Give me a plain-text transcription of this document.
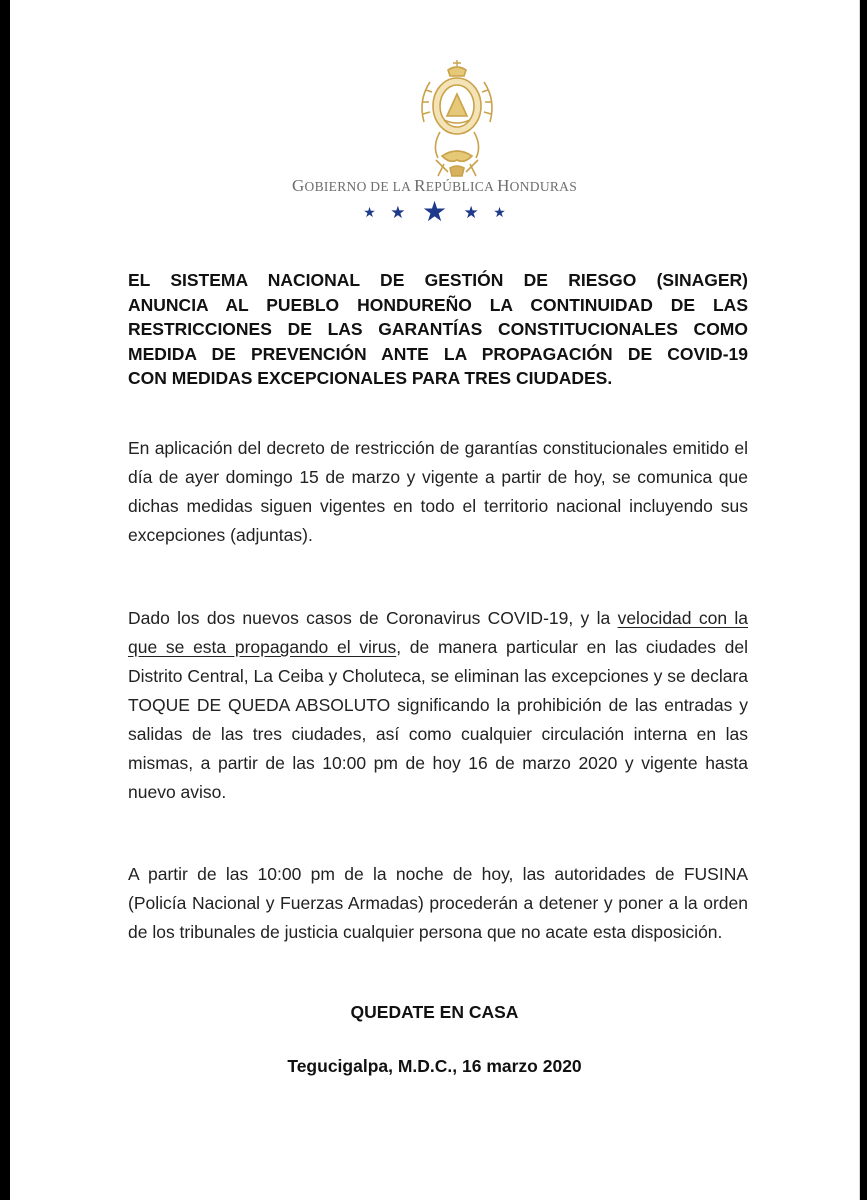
GOBIERNO DE LA REPÚBLICA HONDURAS
★ ★ ★ ★ ★
EL SISTEMA NACIONAL DE GESTIÓN DE RIESGO (SINAGER)
ANUNCIA AL PUEBLO HONDUREÑO LA CONTINUIDAD DE LAS
RESTRICCIONES DE LAS GARANTÍAS CONSTITUCIONALES COMO
MEDIDA DE PREVENCIÓN ANTE LA PROPAGACIÓN DE COVID-19
CON MEDIDAS EXCEPCIONALES PARA TRES CIUDADES.

En aplicación del decreto de restricción de garantías constitucionales emitido el día de ayer domingo 15 de marzo y vigente a partir de hoy, se comunica que dichas medidas siguen vigentes en todo el territorio nacional incluyendo sus excepciones (adjuntas).

Dado los dos nuevos casos de Coronavirus COVID-19, y la velocidad con la que se esta propagando el virus, de manera particular en las ciudades del Distrito Central, La Ceiba y Choluteca, se eliminan las excepciones y se declara TOQUE DE QUEDA ABSOLUTO significando la prohibición de las entradas y salidas de las tres ciudades, así como cualquier circulación interna en las mismas, a partir de las 10:00 pm de hoy 16 de marzo 2020 y vigente hasta nuevo aviso.

A partir de las 10:00 pm de la noche de hoy, las autoridades de FUSINA (Policía Nacional y Fuerzas Armadas) procederán a detener y poner a la orden de los tribunales de justicia cualquier persona que no acate esta disposición.

QUEDATE EN CASA

Tegucigalpa, M.D.C., 16 marzo 2020
